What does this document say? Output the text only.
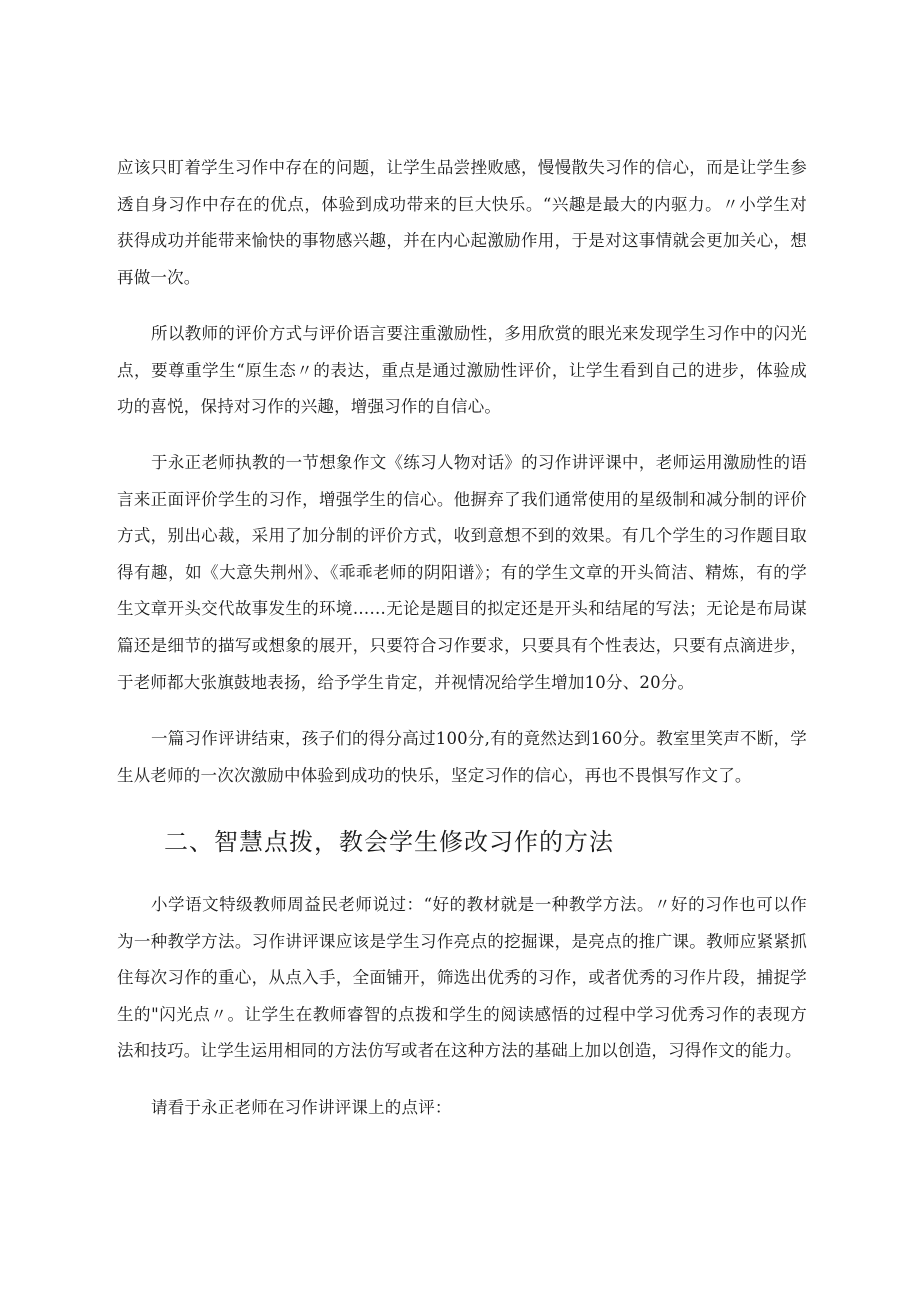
应该只盯着学生习作中存在的问题，让学生品尝挫败感，慢慢散失习作的信心，而是让学生参透自身习作中存在的优点，体验到成功带来的巨大快乐。“兴趣是最大的内驱力。〃小学生对获得成功并能带来愉快的事物感兴趣，并在内心起激励作用，于是对这事情就会更加关心，想再做一次。

所以教师的评价方式与评价语言要注重激励性，多用欣赏的眼光来发现学生习作中的闪光点，要尊重学生“原生态〃的表达，重点是通过激励性评价，让学生看到自己的进步，体验成功的喜悦，保持对习作的兴趣，增强习作的自信心。

于永正老师执教的一节想象作文《练习人物对话》的习作讲评课中，老师运用激励性的语言来正面评价学生的习作，增强学生的信心。他摒弃了我们通常使用的星级制和减分制的评价方式，别出心裁，采用了加分制的评价方式，收到意想不到的效果。有几个学生的习作题目取得有趣，如《大意失荆州》、《乖乖老师的阴阳谱》；有的学生文章的开头简洁、精炼，有的学生文章开头交代故事发生的环境……无论是题目的拟定还是开头和结尾的写法；无论是布局谋篇还是细节的描写或想象的展开，只要符合习作要求，只要具有个性表达，只要有点滴进步，于老师都大张旗鼓地表扬，给予学生肯定，并视情况给学生增加10分、20分。

一篇习作评讲结束，孩子们的得分高过100分,有的竟然达到160分。教室里笑声不断，学生从老师的一次次激励中体验到成功的快乐，坚定习作的信心，再也不畏惧写作文了。

二、智慧点拨，教会学生修改习作的方法

小学语文特级教师周益民老师说过：“好的教材就是一种教学方法。〃好的习作也可以作为一种教学方法。习作讲评课应该是学生习作亮点的挖掘课，是亮点的推广课。教师应紧紧抓住每次习作的重心，从点入手，全面铺开，筛选出优秀的习作，或者优秀的习作片段，捕捉学生的"闪光点〃。让学生在教师睿智的点拨和学生的阅读感悟的过程中学习优秀习作的表现方法和技巧。让学生运用相同的方法仿写或者在这种方法的基础上加以创造，习得作文的能力。

请看于永正老师在习作讲评课上的点评：
